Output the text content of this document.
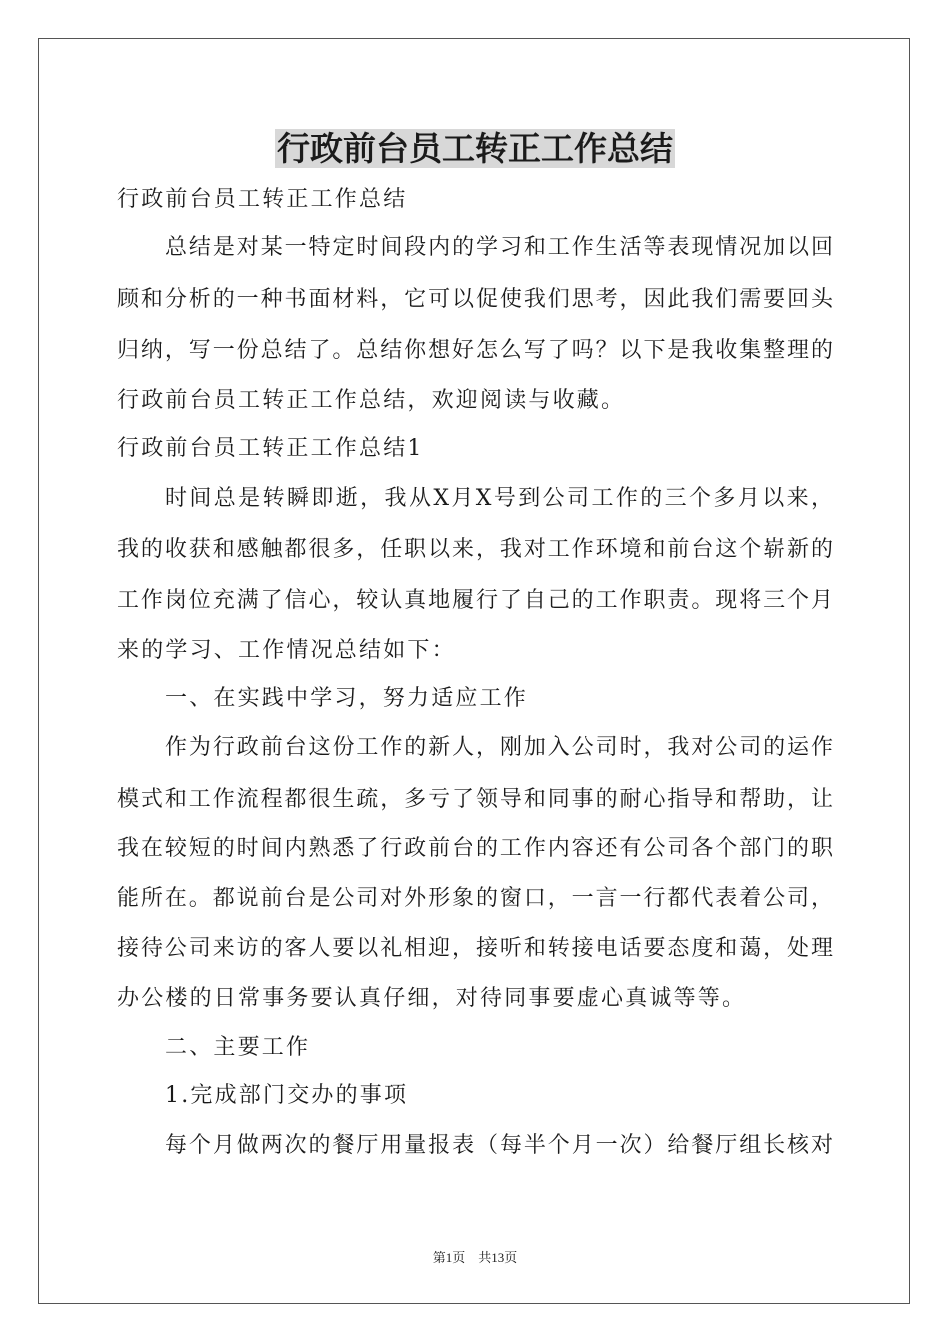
行政前台员工转正工作总结
行政前台员工转正工作总结
总结是对某一特定时间段内的学习和工作生活等表现情况加以回
顾和分析的一种书面材料，它可以促使我们思考，因此我们需要回头
归纳，写一份总结了。总结你想好怎么写了吗？以下是我收集整理的
行政前台员工转正工作总结，欢迎阅读与收藏。
行政前台员工转正工作总结1
时间总是转瞬即逝，我从X月X号到公司工作的三个多月以来，
我的收获和感触都很多，任职以来，我对工作环境和前台这个崭新的
工作岗位充满了信心，较认真地履行了自己的工作职责。现将三个月
来的学习、工作情况总结如下：
一、在实践中学习，努力适应工作
作为行政前台这份工作的新人，刚加入公司时，我对公司的运作
模式和工作流程都很生疏，多亏了领导和同事的耐心指导和帮助，让
我在较短的时间内熟悉了行政前台的工作内容还有公司各个部门的职
能所在。都说前台是公司对外形象的窗口，一言一行都代表着公司，
接待公司来访的客人要以礼相迎，接听和转接电话要态度和蔼，处理
办公楼的日常事务要认真仔细，对待同事要虚心真诚等等。
二、主要工作
1.完成部门交办的事项
每个月做两次的餐厅用量报表（每半个月一次）给餐厅组长核对
第1页　共13页
